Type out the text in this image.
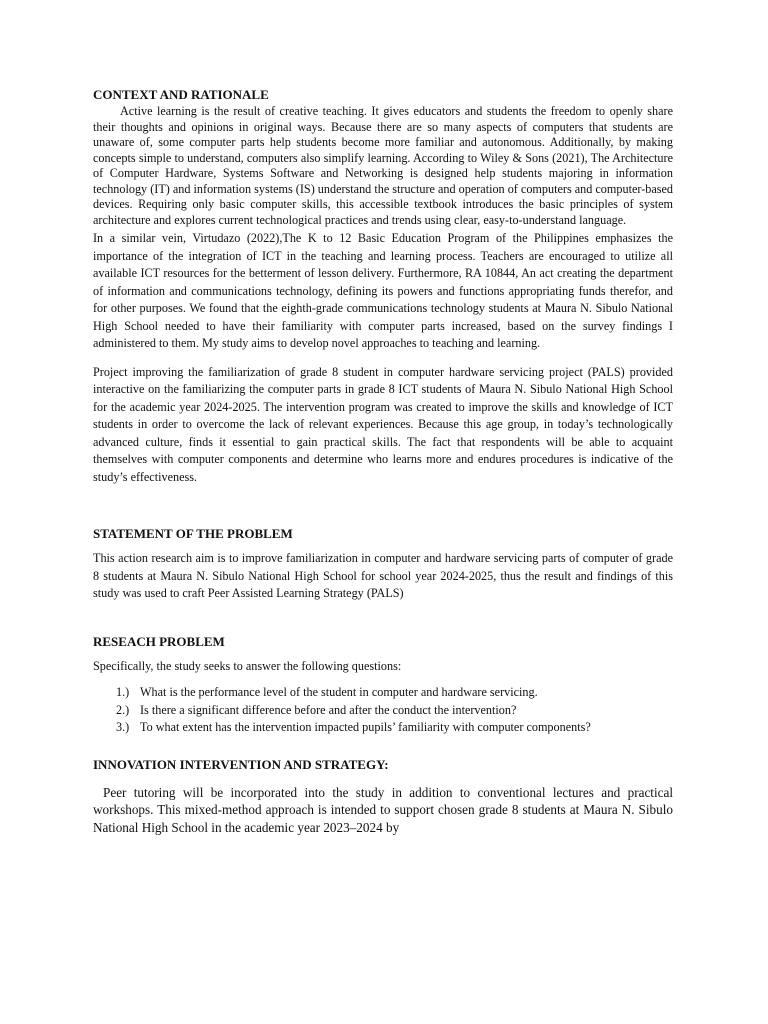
CONTEXT AND RATIONALE

Active learning is the result of creative teaching. It gives educators and students the freedom to openly share their thoughts and opinions in original ways. Because there are so many aspects of computers that students are unaware of, some computer parts help students become more familiar and autonomous. Additionally, by making concepts simple to understand, computers also simplify learning. According to Wiley & Sons (2021), The Architecture of Computer Hardware, Systems Software and Networking is designed help students majoring in information technology (IT) and information systems (IS) understand the structure and operation of computers and computer-based devices. Requiring only basic computer skills, this accessible textbook introduces the basic principles of system architecture and explores current technological practices and trends using clear, easy-to-understand language.

In a similar vein, Virtudazo (2022),The K to 12 Basic Education Program of the Philippines emphasizes the importance of the integration of ICT in the teaching and learning process. Teachers are encouraged to utilize all available ICT resources for the betterment of lesson delivery. Furthermore, RA 10844, An act creating the department of information and communications technology, defining its powers and functions appropriating funds therefor, and for other purposes. We found that the eighth-grade communications technology students at Maura N. Sibulo National High School needed to have their familiarity with computer parts increased, based on the survey findings I administered to them. My study aims to develop novel approaches to teaching and learning.

Project improving the familiarization of grade 8 student in computer hardware servicing project (PALS) provided interactive on the familiarizing the computer parts in grade 8 ICT students of Maura N. Sibulo National High School for the academic year 2024-2025. The intervention program was created to improve the skills and knowledge of ICT students in order to overcome the lack of relevant experiences. Because this age group, in today’s technologically advanced culture, finds it essential to gain practical skills. The fact that respondents will be able to acquaint themselves with computer components and determine who learns more and endures procedures is indicative of the study’s effectiveness.

STATEMENT OF THE PROBLEM

This action research aim is to improve familiarization in computer and hardware servicing parts of computer of grade 8 students at Maura N. Sibulo National High School for school year 2024-2025, thus the result and findings of this study was used to craft Peer Assisted Learning Strategy (PALS)

RESEACH PROBLEM

Specifically, the study seeks to answer the following questions:

1.) What is the performance level of the student in computer and hardware servicing.
2.) Is there a significant difference before and after the conduct the intervention?
3.) To what extent has the intervention impacted pupils’ familiarity with computer components?
INNOVATION INTERVENTION AND STRATEGY:

Peer tutoring will be incorporated into the study in addition to conventional lectures and practical workshops. This mixed-method approach is intended to support chosen grade 8 students at Maura N. Sibulo National High School in the academic year 2023–2024 by
